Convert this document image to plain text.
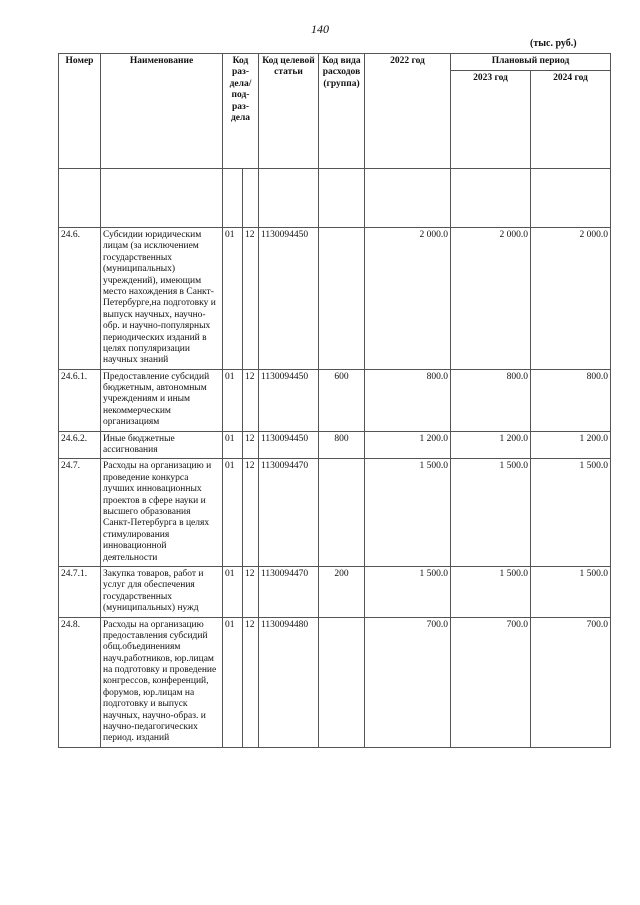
140
(тыс. руб.)
Номер	Наименование	Код раз-дела/ под-раз-дела		Код целевой статьи	Код вида расходов (группа)	2022 год	Плановый период	
							2023 год	2024 год

24.6.	Субсидии юридическим лицам (за исключением государственных (муниципальных) учреждений), имеющим место нахождения в Санкт-Петербурге,на подготовку и выпуск научных, научно-обр. и научно-популярных периодических изданий в целях популяризации научных знаний	01	12	1130094450		2 000.0	2 000.0	2 000.0
24.6.1.	Предоставление субсидий бюджетным, автономным учреждениям и иным некоммерческим организациям	01	12	1130094450	600	800.0	800.0	800.0
24.6.2.	Иные бюджетные ассигнования	01	12	1130094450	800	1 200.0	1 200.0	1 200.0
24.7.	Расходы на организацию и проведение конкурса лучших инновационных проектов в сфере науки и высшего образования Санкт-Петербурга в целях стимулирования инновационной деятельности	01	12	1130094470		1 500.0	1 500.0	1 500.0
24.7.1.	Закупка товаров, работ и услуг для обеспечения государственных (муниципальных) нужд	01	12	1130094470	200	1 500.0	1 500.0	1 500.0
24.8.	Расходы на организацию предоставления субсидий общ.объединениям науч.работников, юр.лицам на подготовку и проведение конгрессов, конференций, форумов, юр.лицам на подготовку и выпуск научных, научно-образ. и научно-педагогических период. изданий	01	12	1130094480		700.0	700.0	700.0
